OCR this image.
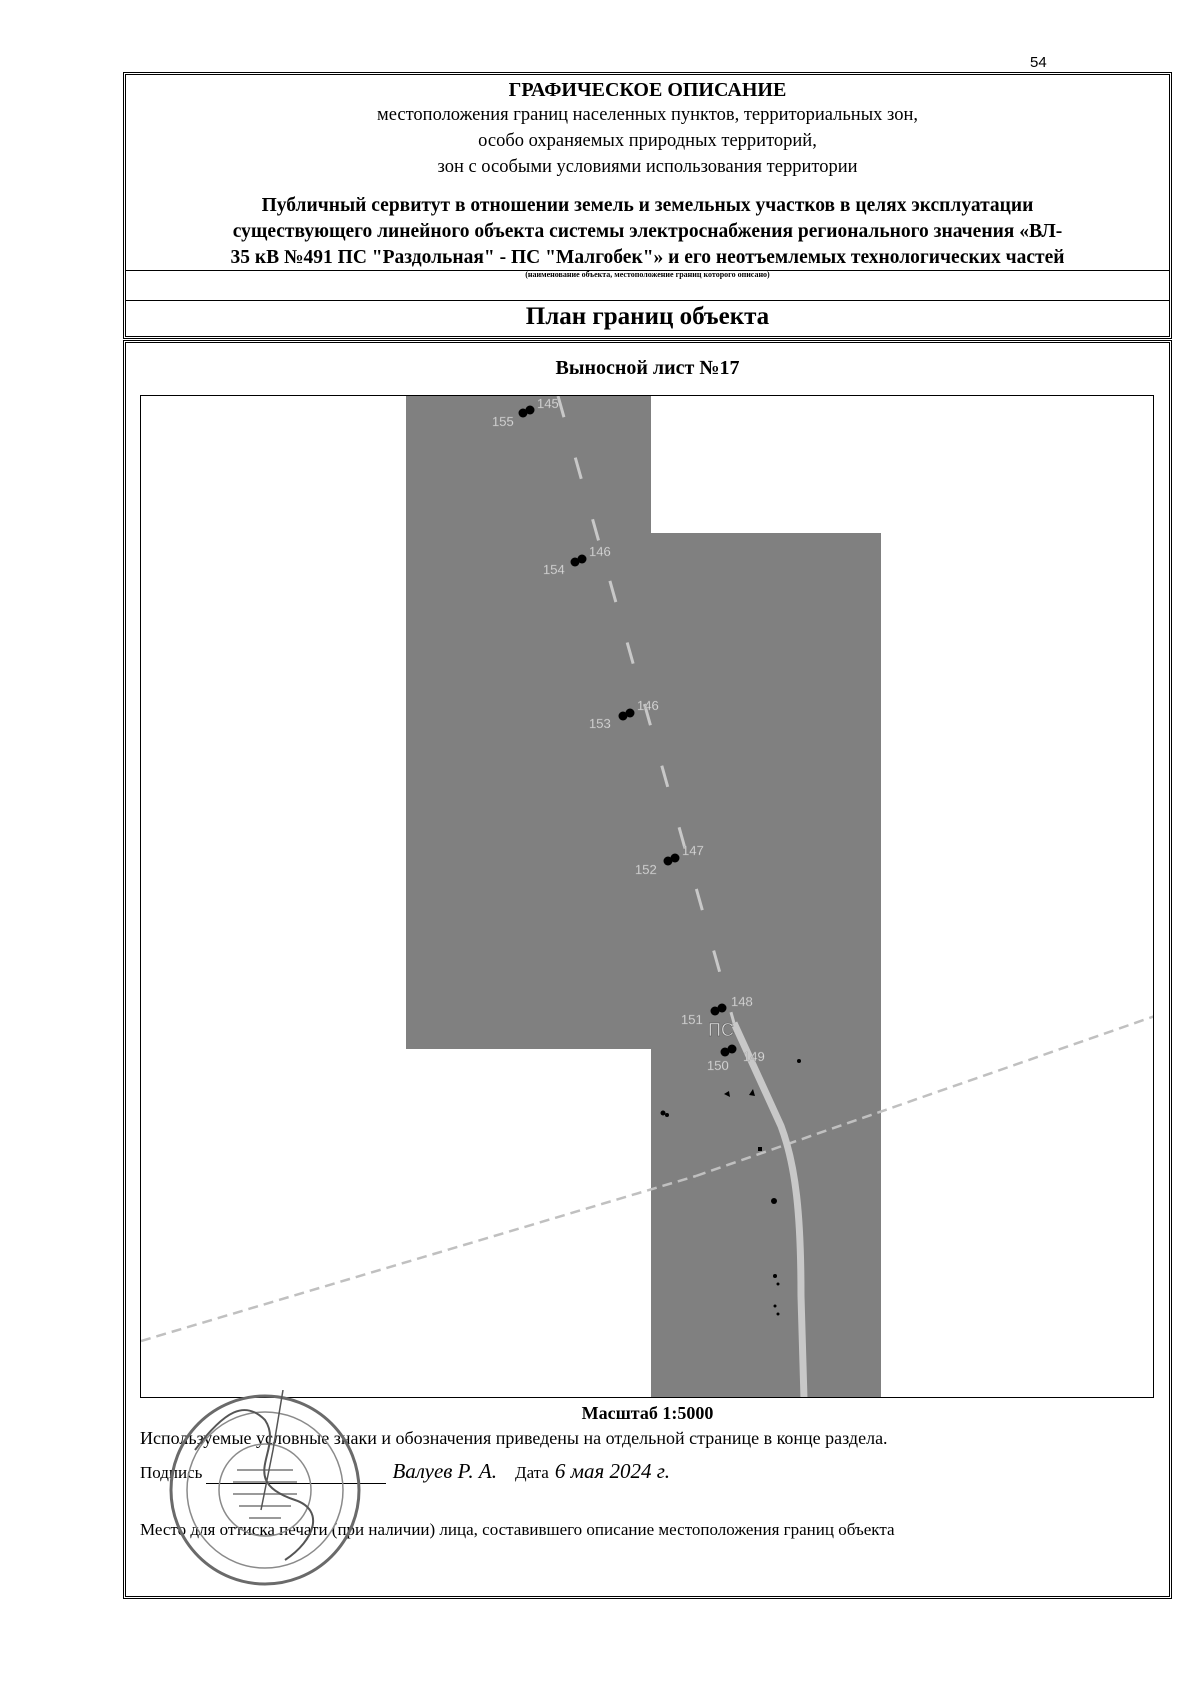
54
ГРАФИЧЕСКОЕ ОПИСАНИЕ
местоположения границ населенных пунктов, территориальных зон,
особо охраняемых природных территорий,
зон с особыми условиями использования территории
Публичный сервитут в отношении земель и земельных участков в целях эксплуатации
существующего линейного объекта системы электроснабжения регионального значения «ВЛ-
35 кВ №491 ПС "Раздольная" - ПС "Малгобек"» и его неотъемлемых технологических частей
(наименование объекта, местоположение границ которого описано)
План границ объекта
Выносной лист №17
155
145
154
146
153
146
152
147
151
148
ПС
150
149
Масштаб 1:5000
Используемые условные знаки и обозначения приведены на отдельной странице в конце раздела.
Подпись	Валуев Р. А. Дата 6 мая 2024 г.
Место для оттиска печати (при наличии) лица, составившего описание местоположения границ объекта
